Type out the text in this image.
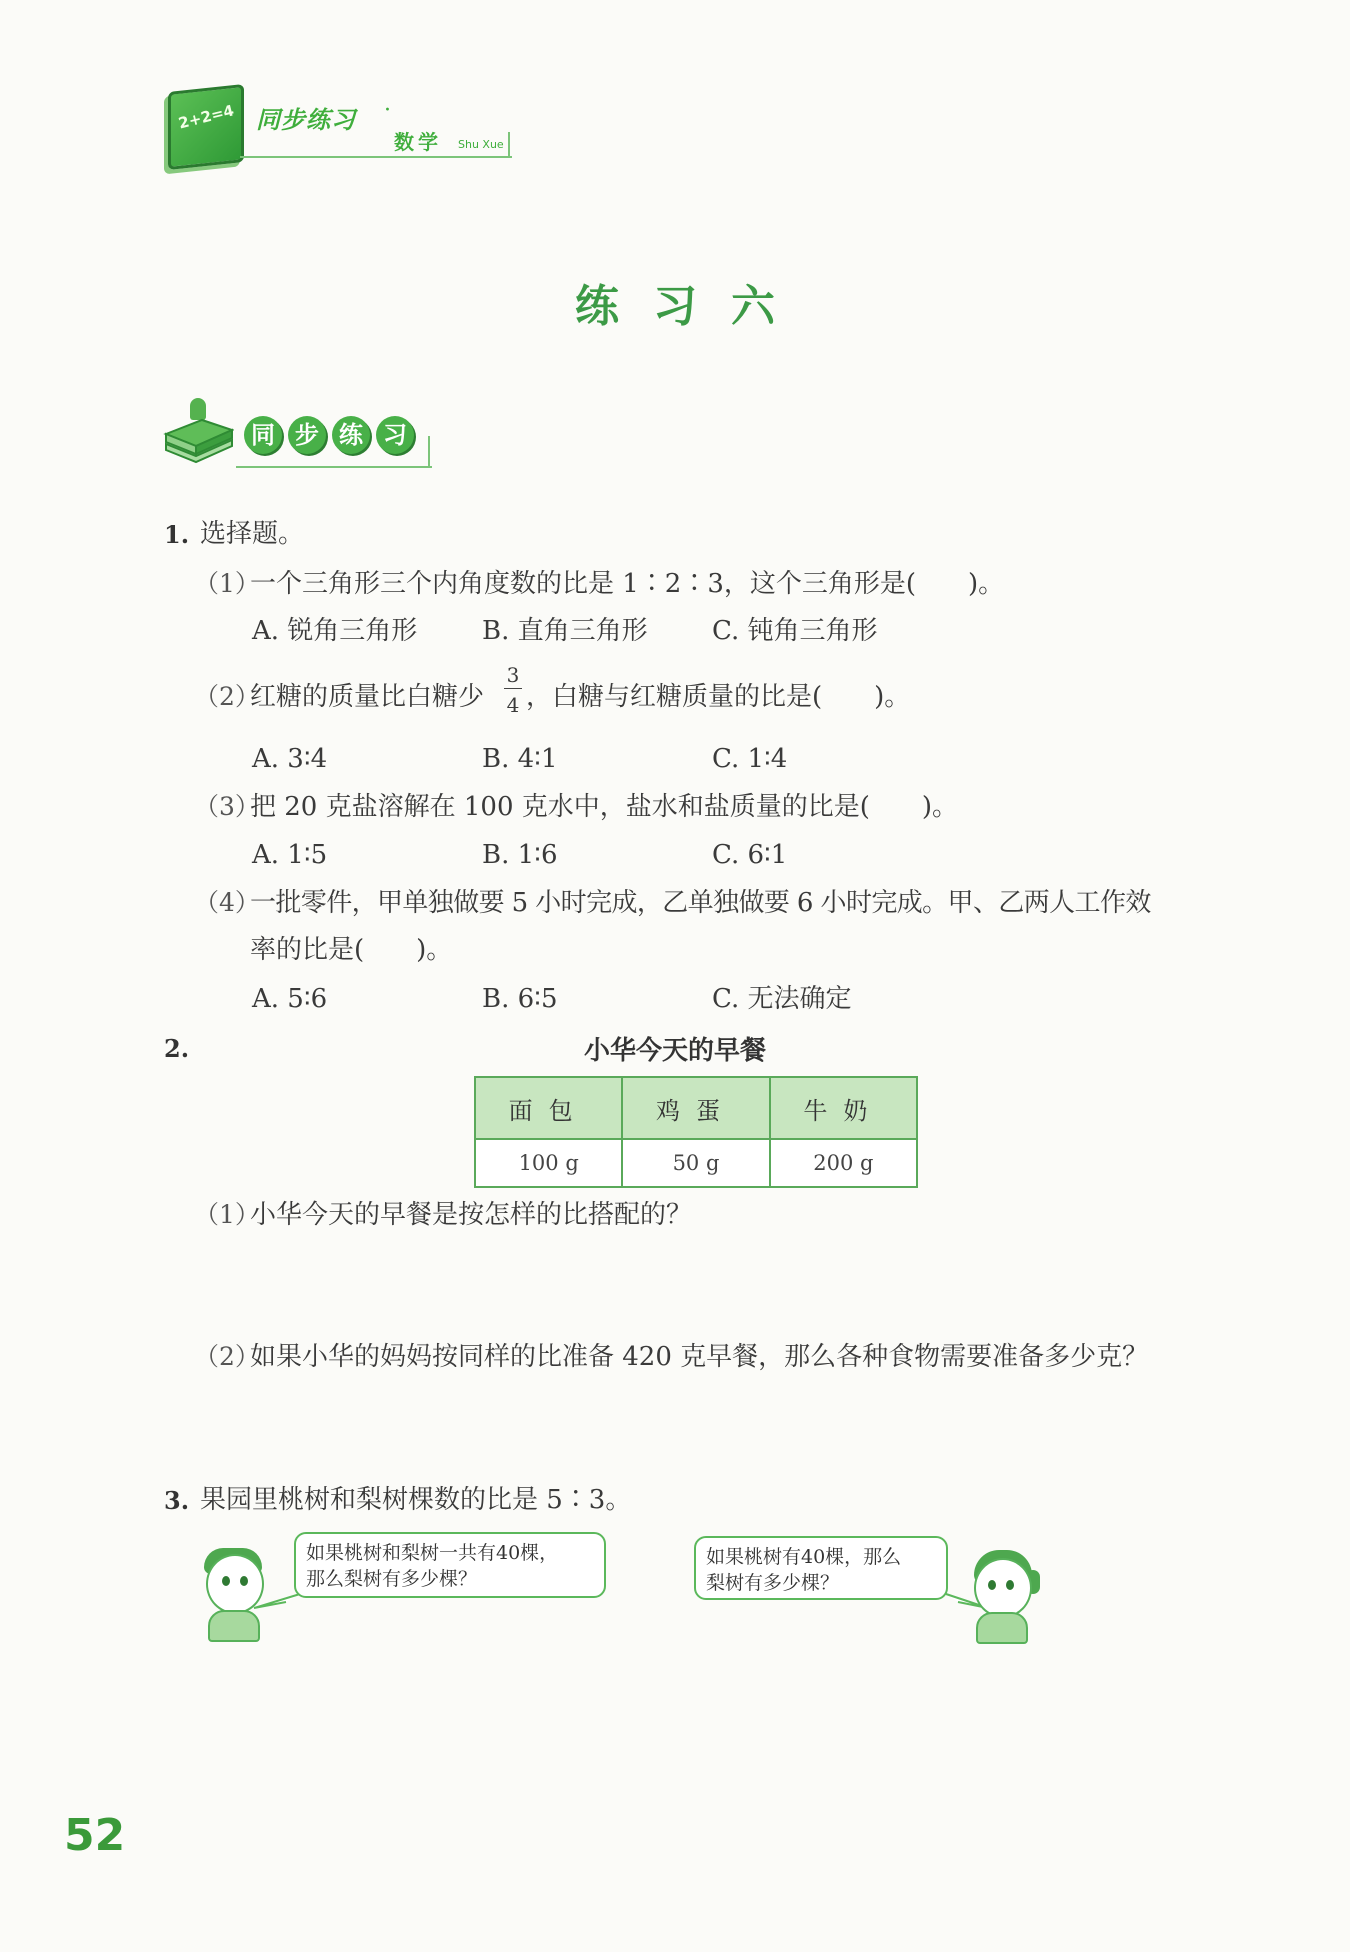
2+2=4 同步练习 ·
数学 Shu Xue
练习六
同 步 练 习
1. 选择题。
（1）
一个三角形三个内角度数的比是 1∶2∶3，这个三角形是(　　)。
A. 锐角三角形 B. 直角三角形 C. 钝角三角形
（2）
红糖的质量比白糖少
3
4 ，白糖与红糖质量的比是(　　)。
A. 3∶4	B. 4∶1	C. 1∶4
（3）
把 20 克盐溶解在 100 克水中，盐水和盐质量的比是(　　)。
A. 1∶5	B. 1∶6	C. 6∶1
（4）
一批零件，甲单独做要 5 小时完成，乙单独做要 6 小时完成。甲、乙两人工作效
率的比是(　　)。
A. 5∶6	B. 6∶5	C. 无法确定
2.	小华今天的早餐
面包	鸡蛋	牛奶
100 g	50 g	200 g
（1）
小华今天的早餐是按怎样的比搭配的？
（2）
如果小华的妈妈按同样的比准备 420 克早餐，那么各种食物需要准备多少克？
3. 果园里桃树和梨树棵数的比是 5∶3。
如果桃树和梨树一共有40棵，
那么梨树有多少棵？
如果桃树有40棵，那么
梨树有多少棵？
52
